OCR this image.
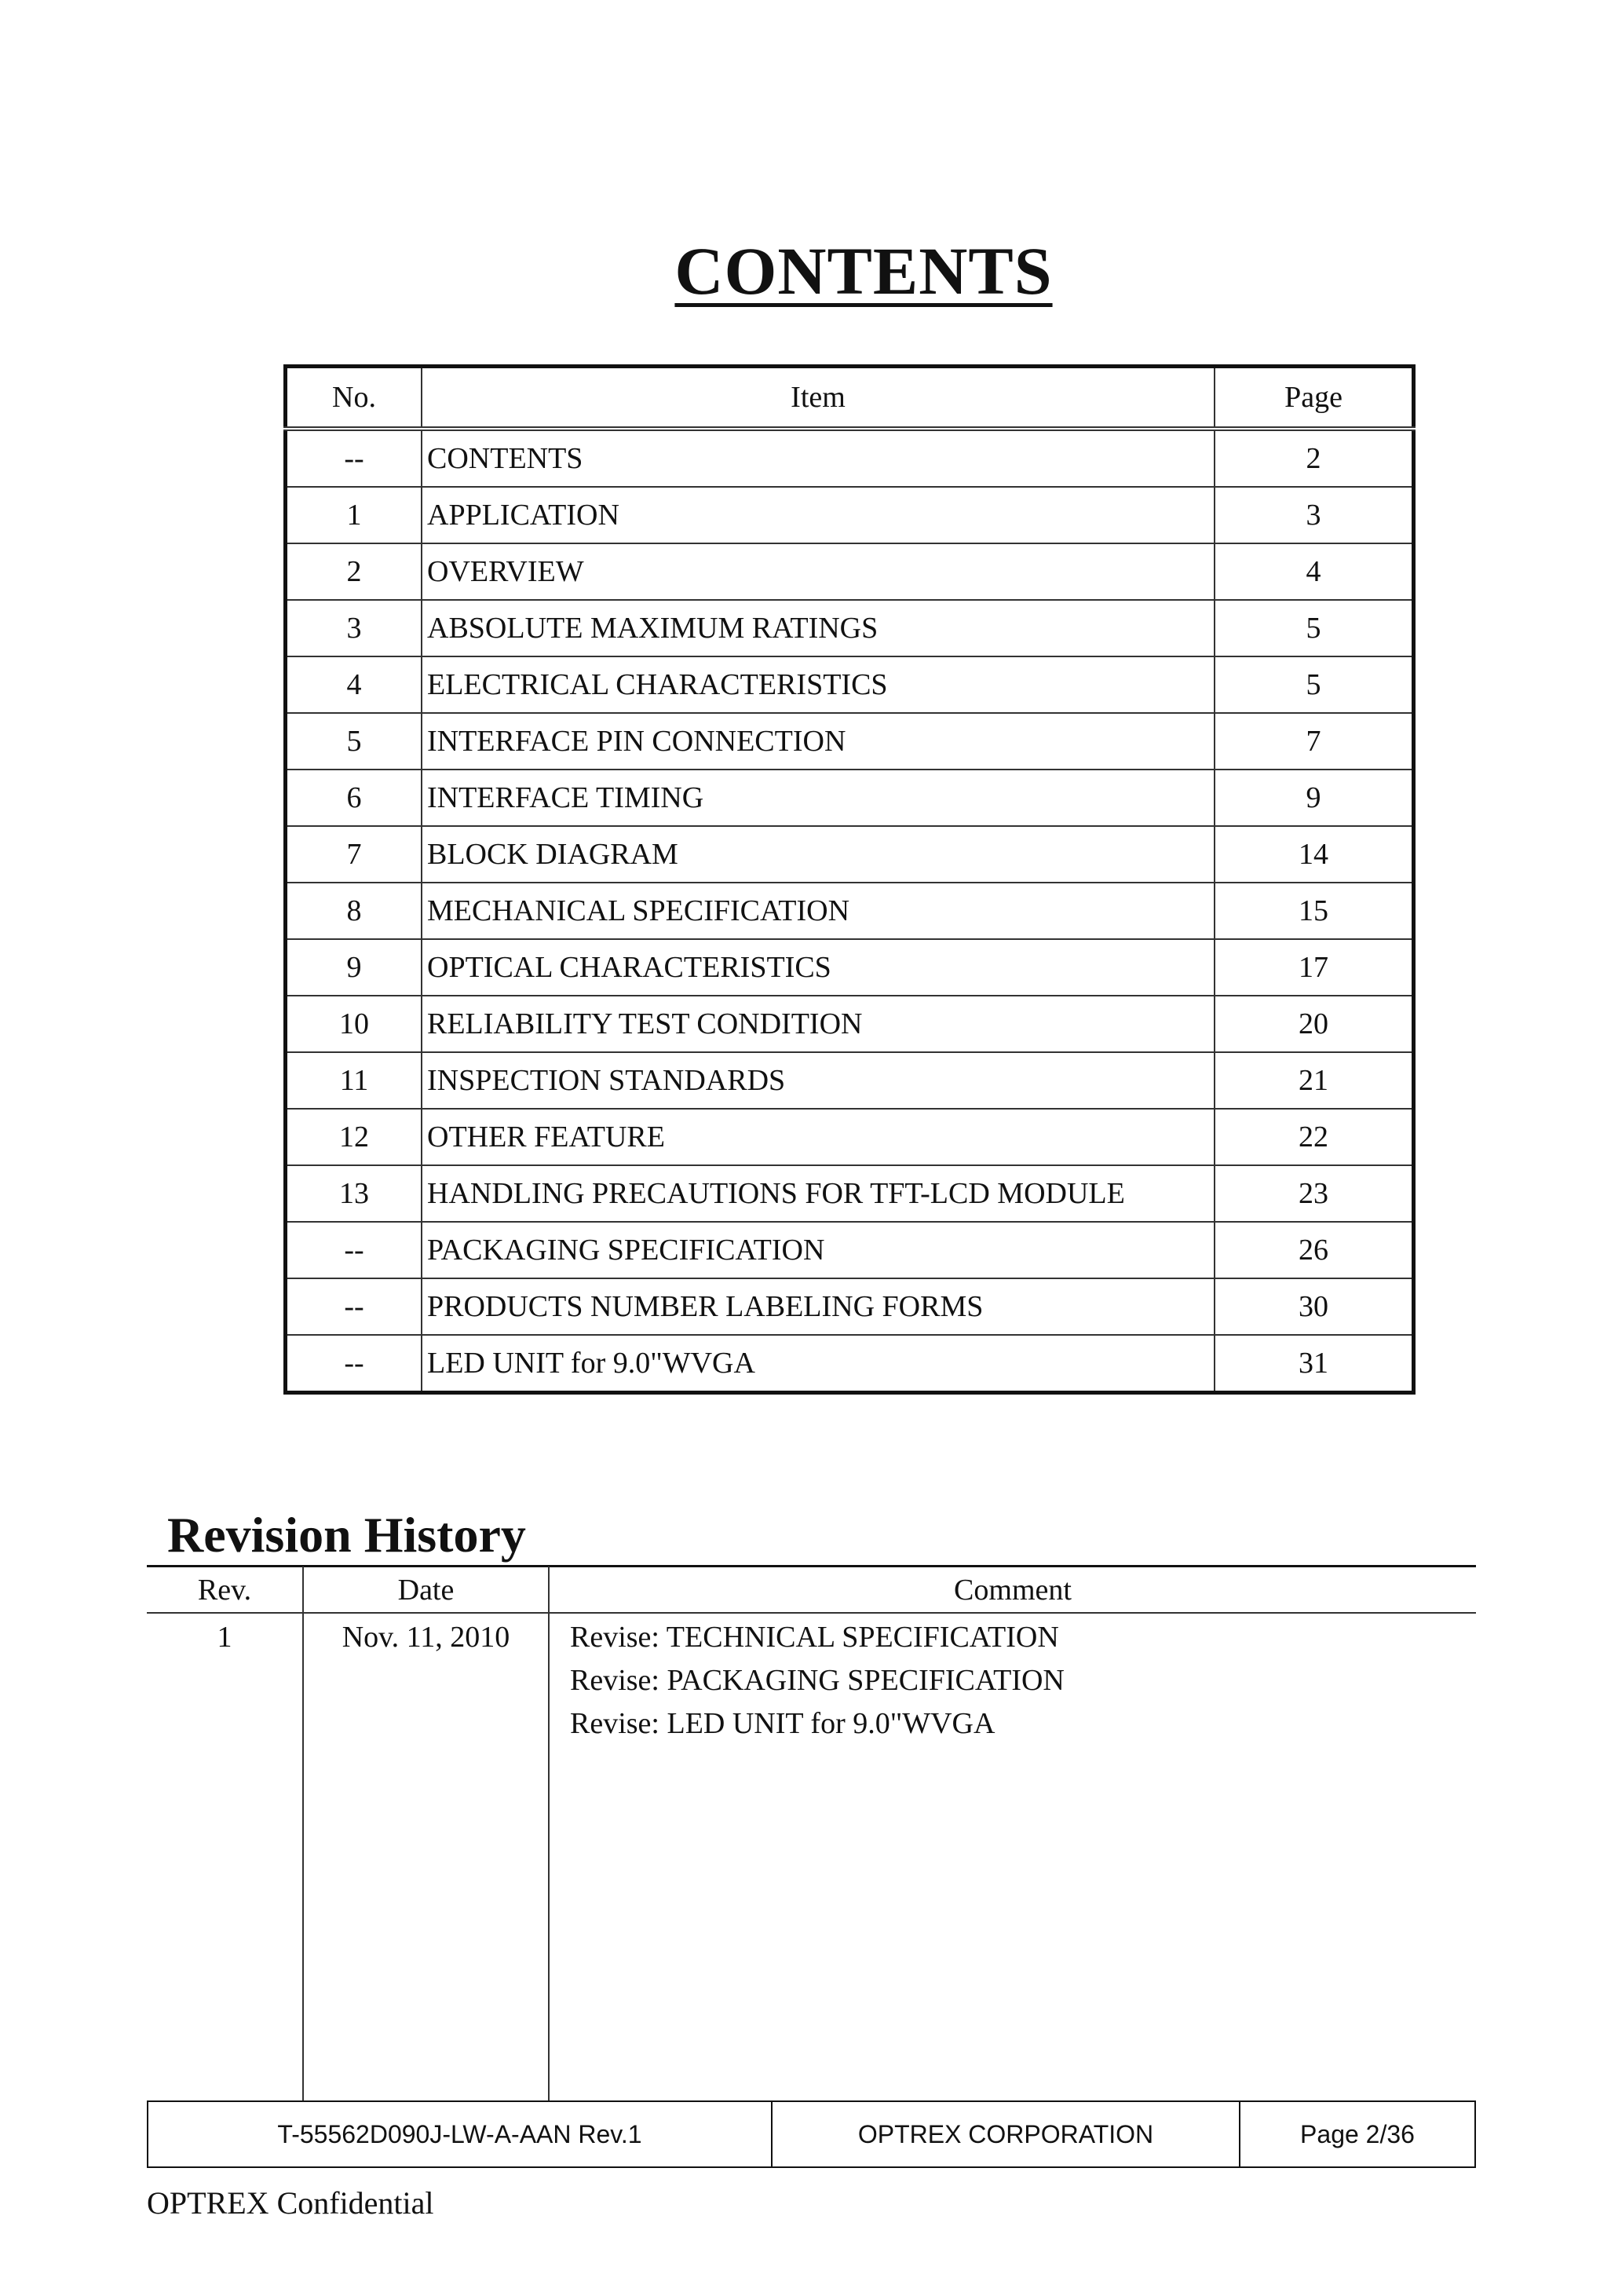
CONTENTS
No.	Item	Page
--	CONTENTS	2
1	APPLICATION	3
2	OVERVIEW	4
3	ABSOLUTE MAXIMUM RATINGS	5
4	ELECTRICAL CHARACTERISTICS	5
5	INTERFACE PIN CONNECTION	7
6	INTERFACE TIMING	9
7	BLOCK DIAGRAM	14
8	MECHANICAL SPECIFICATION	15
9	OPTICAL CHARACTERISTICS	17
10	RELIABILITY TEST CONDITION	20
11	INSPECTION STANDARDS	21
12	OTHER FEATURE	22
13	HANDLING PRECAUTIONS FOR TFT-LCD MODULE	23
--	PACKAGING SPECIFICATION	26
--	PRODUCTS NUMBER LABELING FORMS	30
--	LED UNIT for 9.0"WVGA	31
Revision History
Rev.	Date	Comment
1	Nov. 11, 2010	Revise: TECHNICAL SPECIFICATION
Revise: PACKAGING SPECIFICATION
Revise: LED UNIT for 9.0"WVGA
T-55562D090J-LW-A-AAN Rev.1	OPTREX CORPORATION	Page 2/36
OPTREX Confidential
